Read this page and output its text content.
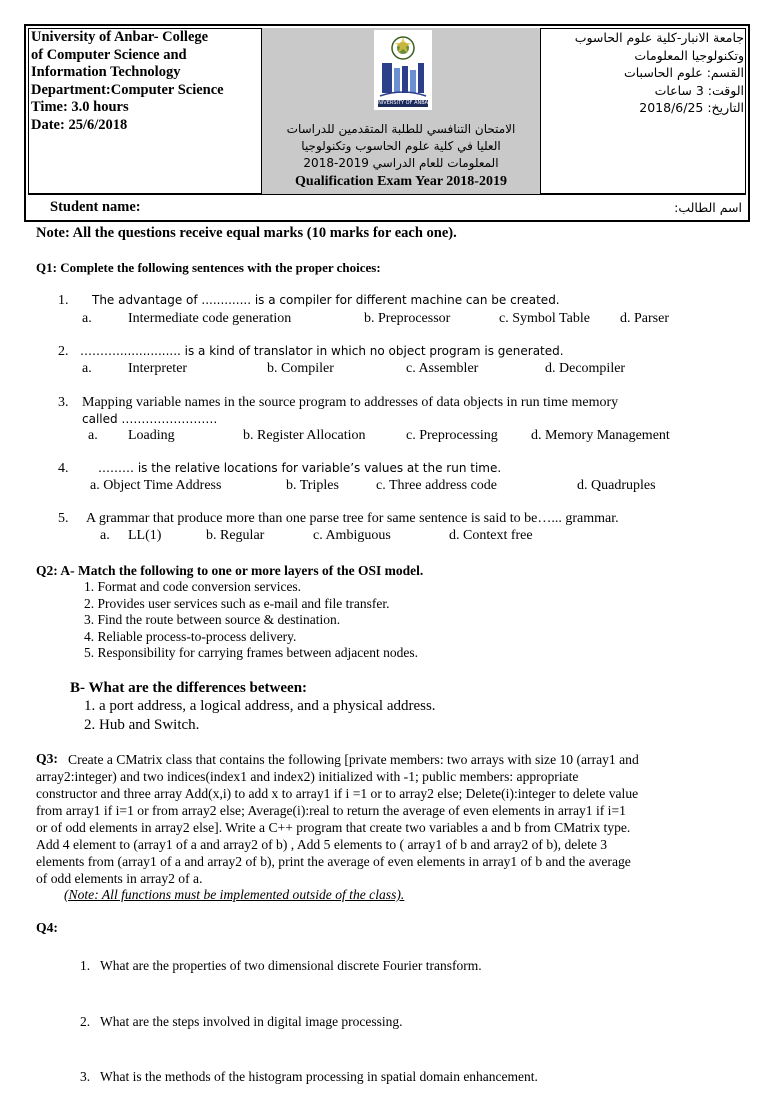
University of Anbar- College
of Computer Science and
Information Technology
Department:Computer Science
Time: 3.0 hours
Date: 25/6/2018
جامعة الانبار-كلية علوم الحاسوب
وتكنولوجيا المعلومات
القسم: علوم الحاسبات
الوقت: 3 ساعات
التاريخ: 2018/6/25
UNIVERSITY OF ANBAR
الامتحان التنافسي للطلبة المتقدمين للدراسات
العليا في كلية علوم الحاسوب وتكنولوجيا
المعلومات للعام الدراسي 2019-2018
Qualification Exam Year 2018-2019
Student name:	اسم الطالب:
Note: All the questions receive equal marks (10 marks for each one).
Q1: Complete the following sentences with the proper choices:
1. The advantage of ............. is a compiler for different machine can be created.
a.	Intermediate code generation	b. Preprocessor	c. Symbol Table d. Parser
2. ………................. is a kind of translator in which no object program is generated.
a.	Interpreter	b. Compiler	c. Assembler	d. Decompiler
3. Mapping variable names in the source program to addresses of data objects in run time memory
called ……………………
a. Loading	b. Register Allocation	c. Preprocessing d. Memory Management
4. ……… is the relative locations for variable’s values at the run time.
a. Object Time Address	b. Triples	c. Three address code	d. Quadruples
5. A grammar that produce more than one parse tree for same sentence is said to be…... grammar.
a. LL(1)	b. Regular	c. Ambiguous	d. Context free
Q2: A- Match the following to one or more layers of the OSI model.
1. Format and code conversion services.
2. Provides user services such as e-mail and file transfer.
3. Find the route between source & destination.
4. Reliable process-to-process delivery.
5. Responsibility for carrying frames between adjacent nodes.
B- What are the differences between:
1. a port address, a logical address, and a physical address.
2. Hub and Switch.
Q3: Create a CMatrix class that contains the following [private members: two arrays with size 10 (array1 and
array2:integer) and two indices(index1 and index2) initialized with -1; public members: appropriate
constructor and three array Add(x,i) to add x to array1 if i =1 or to array2 else; Delete(i):integer to delete value
from array1 if i=1 or from array2 else; Average(i):real to return the average of even elements in array1 if i=1
or of odd elements in array2 else]. Write a C++ program that create two variables a and b from CMatrix type.
Add 4 element to (array1 of a and array2 of b) , Add 5 elements to ( array1 of b and array2 of b), delete 3
elements from (array1 of a and array2 of b), print the average of even elements in array1 of b and the average
of odd elements in array2 of a.
(Note: All functions must be implemented outside of the class).
Q4:

1.   What are the properties of two dimensional discrete Fourier transform.

2.   What are the steps involved in digital image processing.

3.   What is the methods of the histogram processing in spatial domain enhancement.
